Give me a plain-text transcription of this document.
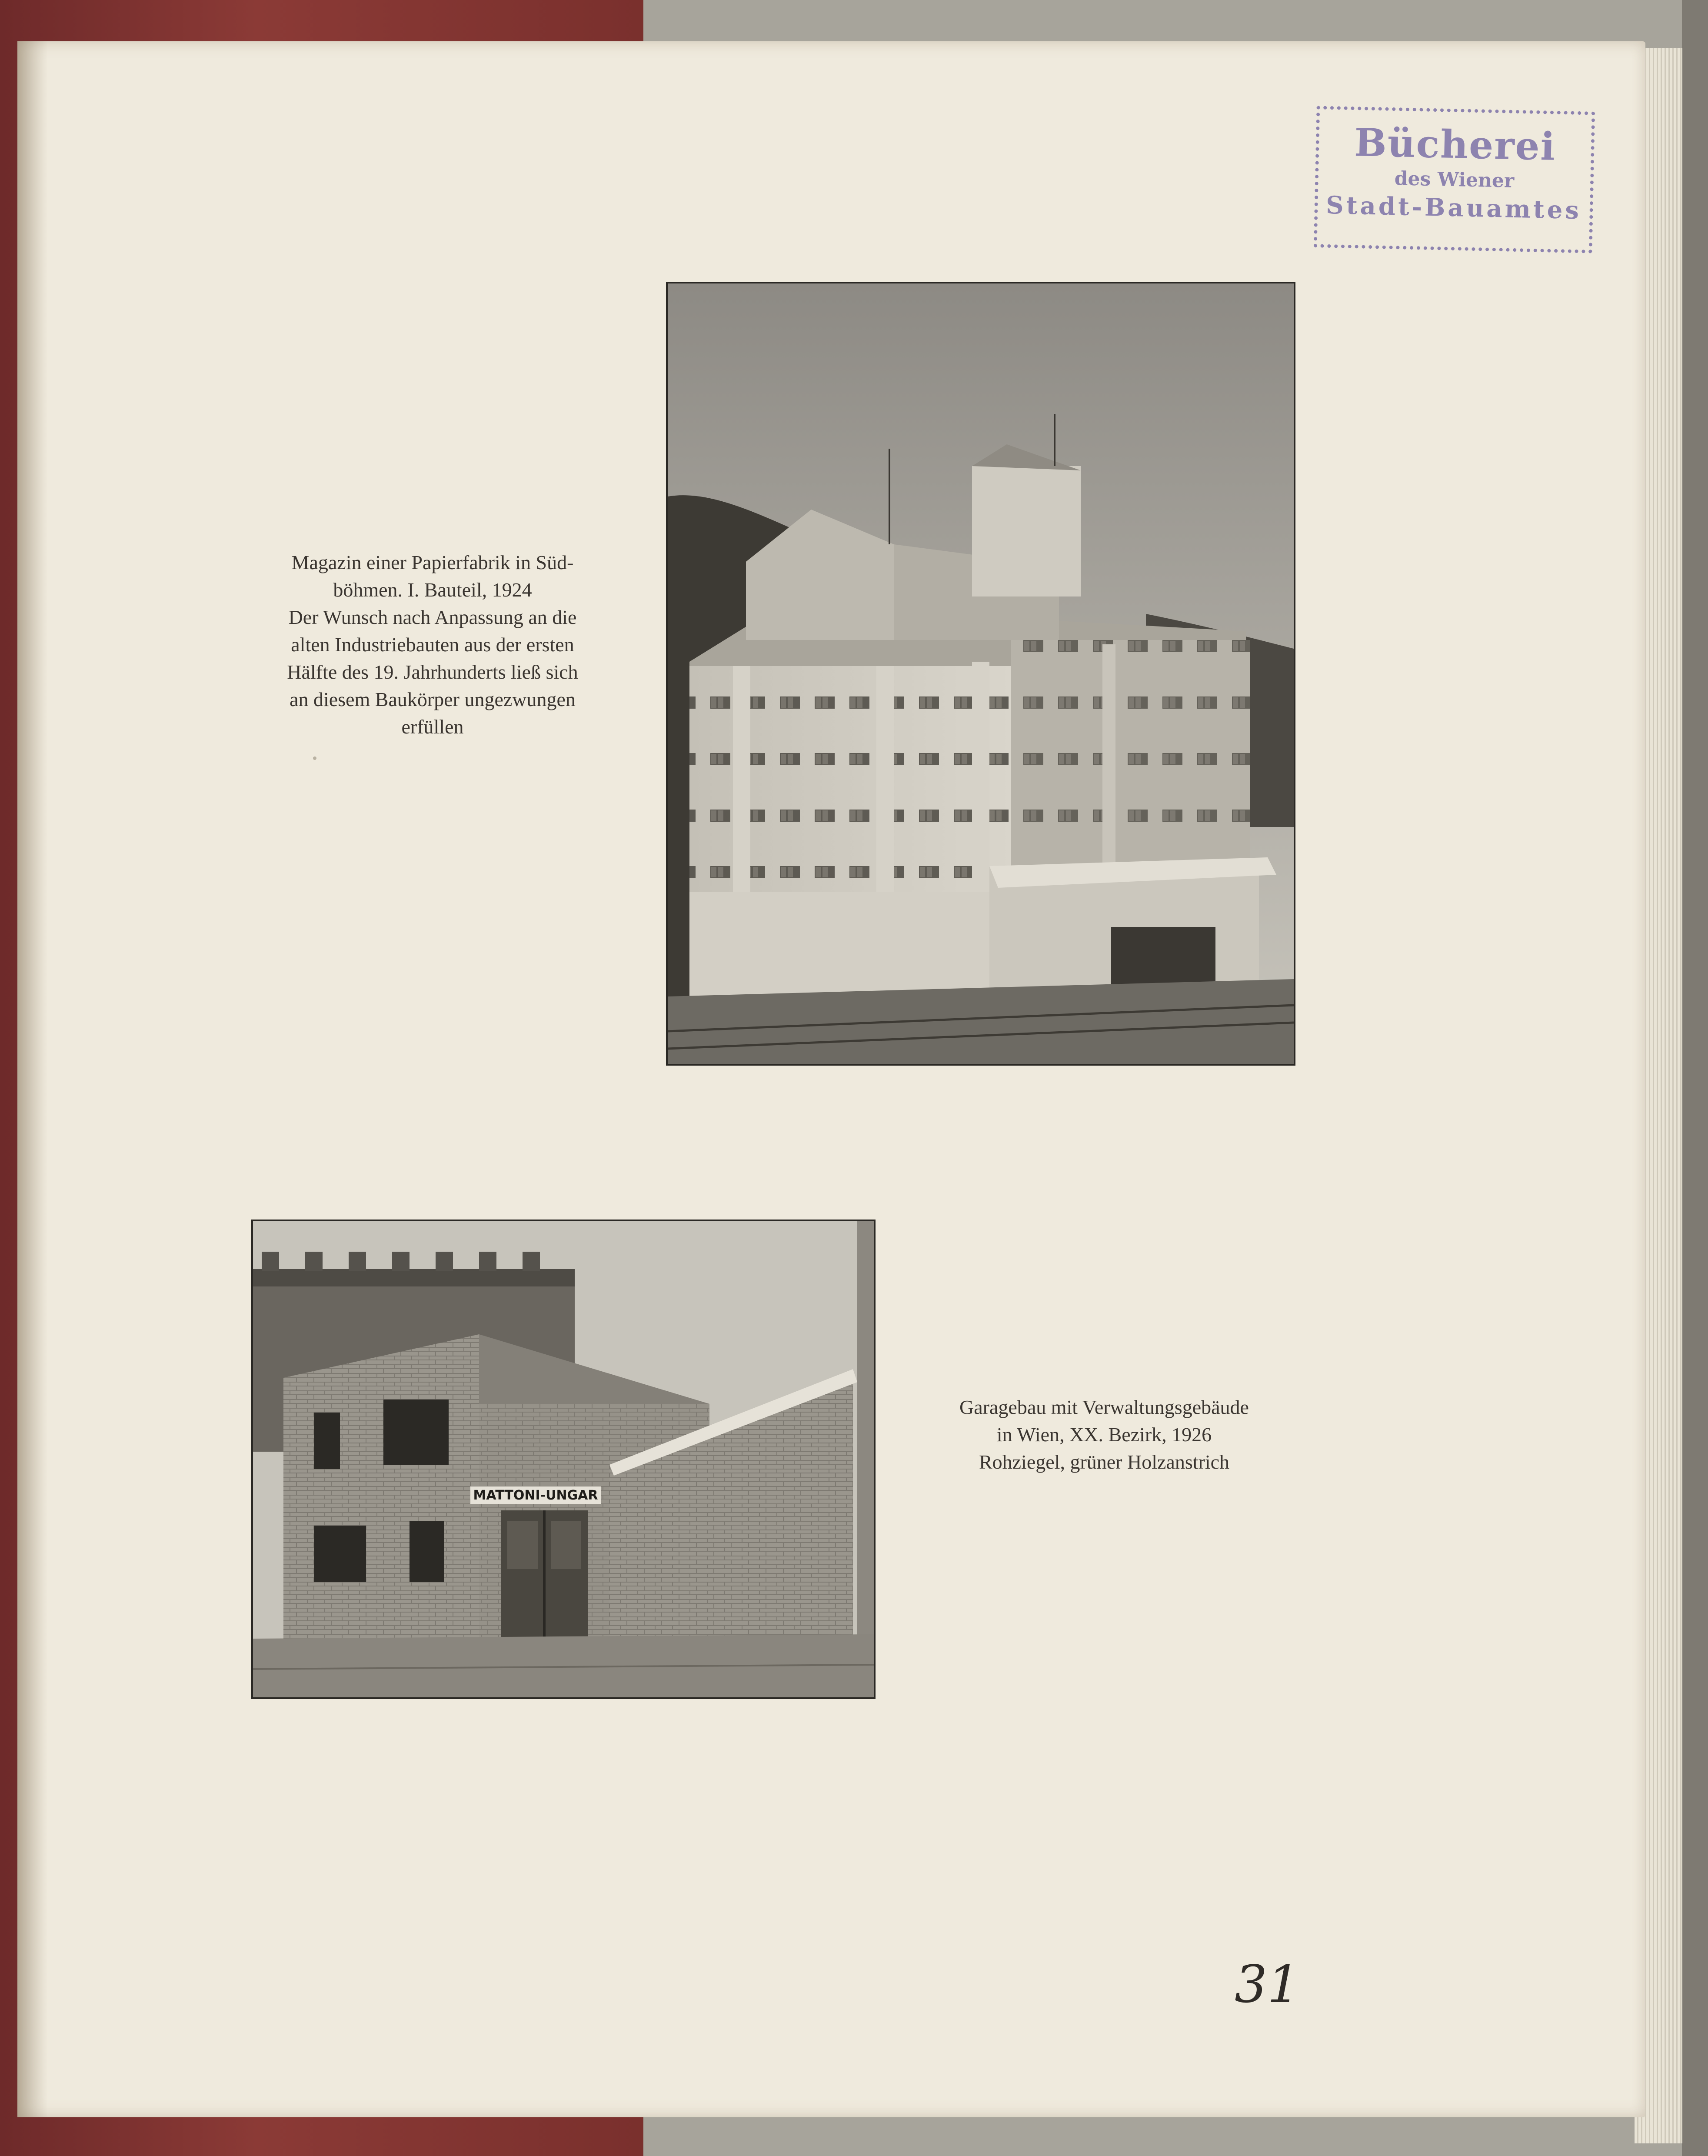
Bücherei
des Wiener
Stadt-Bauamtes
Magazin einer Papierfabrik in Süd-
böhmen. I. Bauteil, 1924
Der Wunsch nach Anpassung an die
alten Industriebauten aus der ersten
Hälfte des 19. Jahrhunderts ließ sich
an diesem Baukörper ungezwungen
erfüllen
MATTONI-UNGAR
Garagebau mit Verwaltungsgebäude
in Wien, XX. Bezirk, 1926
Rohziegel, grüner Holzanstrich
31
